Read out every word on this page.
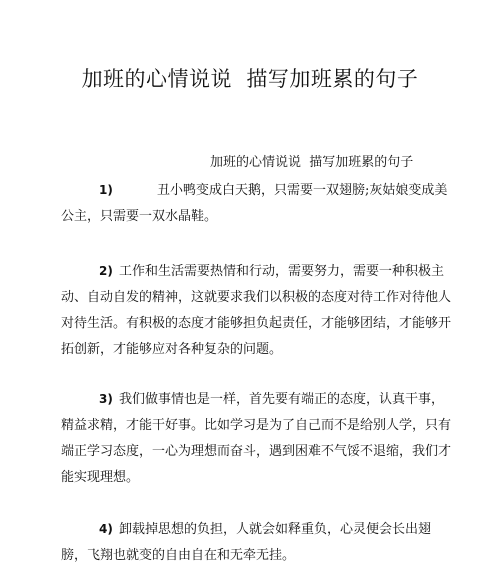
加班的心情说说  描写加班累的句子
加班的心情说说  描写加班累的句子

1)	丑小鸭变成白天鹅，只需要一双翅膀;灰姑娘变成美公主，只需要一双水晶鞋。

2) 工作和生活需要热情和行动，需要努力，需要一种积极主动、自动自发的精神，这就要求我们以积极的态度对待工作对待他人对待生活。有积极的态度才能够担负起责任，才能够团结，才能够开拓创新，才能够应对各种复杂的问题。

3) 我们做事情也是一样，首先要有端正的态度，认真干事，精益求精，才能干好事。比如学习是为了自己而不是给别人学，只有端正学习态度，一心为理想而奋斗，遇到困难不气馁不退缩，我们才能实现理想。

4) 卸载掉思想的负担，人就会如释重负，心灵便会长出翅膀，飞翔也就变的自由自在和无牵无挂。
